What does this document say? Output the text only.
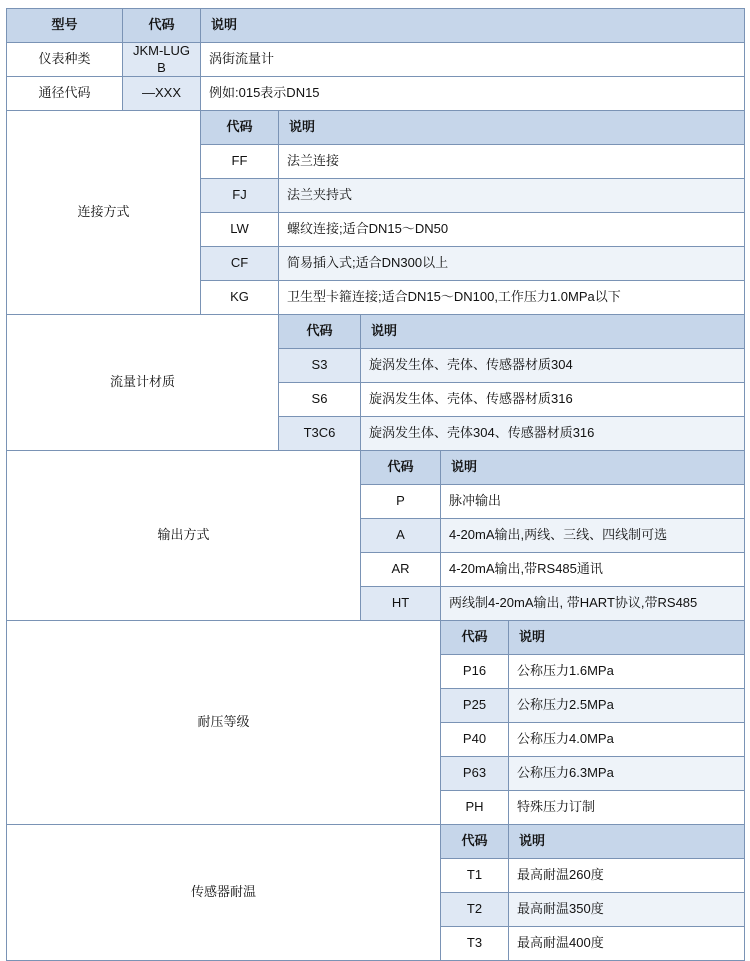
型号	代码	说明				
仪表种类	JKM-LUGB	涡街流量计				
通径代码	—XXX	例如:015表示DN15				
连接方式		代码	说明			
		FF	法兰连接			
		FJ	法兰夹持式			
		LW	螺纹连接;适合DN15～DN50			
		CF	简易插入式;适合DN300以上			
		KG	卫生型卡箍连接;适合DN15～DN100,工作压力1.0MPa以下			
流量计材质			代码	说明		
			S3	旋涡发生体、壳体、传感器材质304		
			S6	旋涡发生体、壳体、传感器材质316		
			T3C6	旋涡发生体、壳体304、传感器材质316		
输出方式				代码	说明	
				P	脉冲输出	
				A	4-20mA输出,两线、三线、四线制可选	
				AR	4-20mA输出,带RS485通讯	
				HT	两线制4-20mA输出, 带HART协议,带RS485	
耐压等级					代码	说明
					P16	公称压力1.6MPa
					P25	公称压力2.5MPa
					P40	公称压力4.0MPa
					P63	公称压力6.3MPa
					PH	特殊压力订制
传感器耐温					代码	说明
					T1	最高耐温260度
					T2	最高耐温350度
					T3	最高耐温400度
